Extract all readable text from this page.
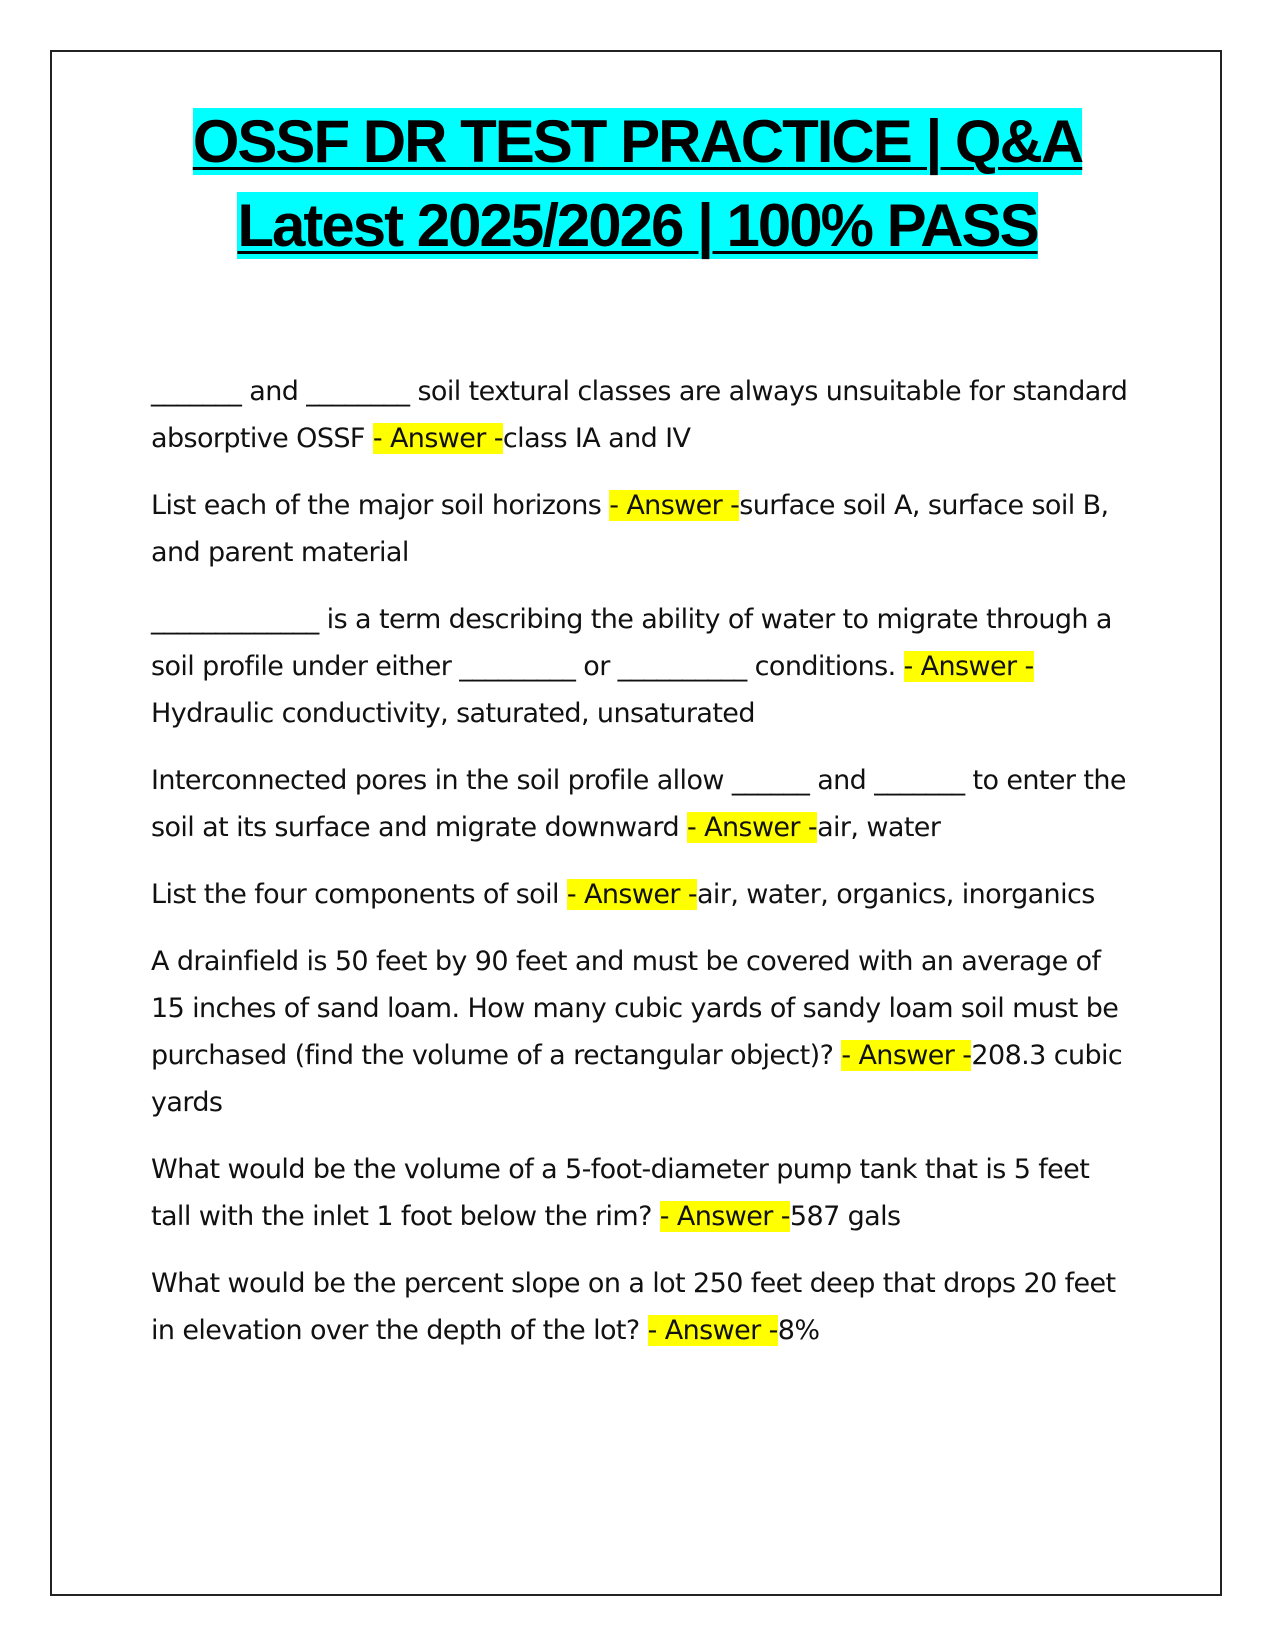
OSSF DR TEST PRACTICE | Q&A
Latest 2025/2026 | 100% PASS

_______ and ________ soil textural classes are always unsuitable for standard absorptive OSSF - Answer -class IA and IV

List each of the major soil horizons - Answer -surface soil A, surface soil B, and parent material

_____________ is a term describing the ability of water to migrate through a soil profile under either _________ or __________ conditions. - Answer -Hydraulic conductivity, saturated, unsaturated

Interconnected pores in the soil profile allow ______ and _______ to enter the soil at its surface and migrate downward - Answer -air, water

List the four components of soil - Answer -air, water, organics, inorganics

A drainfield is 50 feet by 90 feet and must be covered with an average of 15 inches of sand loam. How many cubic yards of sandy loam soil must be purchased (find the volume of a rectangular object)? - Answer -208.3 cubic yards

What would be the volume of a 5-foot-diameter pump tank that is 5 feet tall with the inlet 1 foot below the rim? - Answer -587 gals

What would be the percent slope on a lot 250 feet deep that drops 20 feet in elevation over the depth of the lot? - Answer -8%
